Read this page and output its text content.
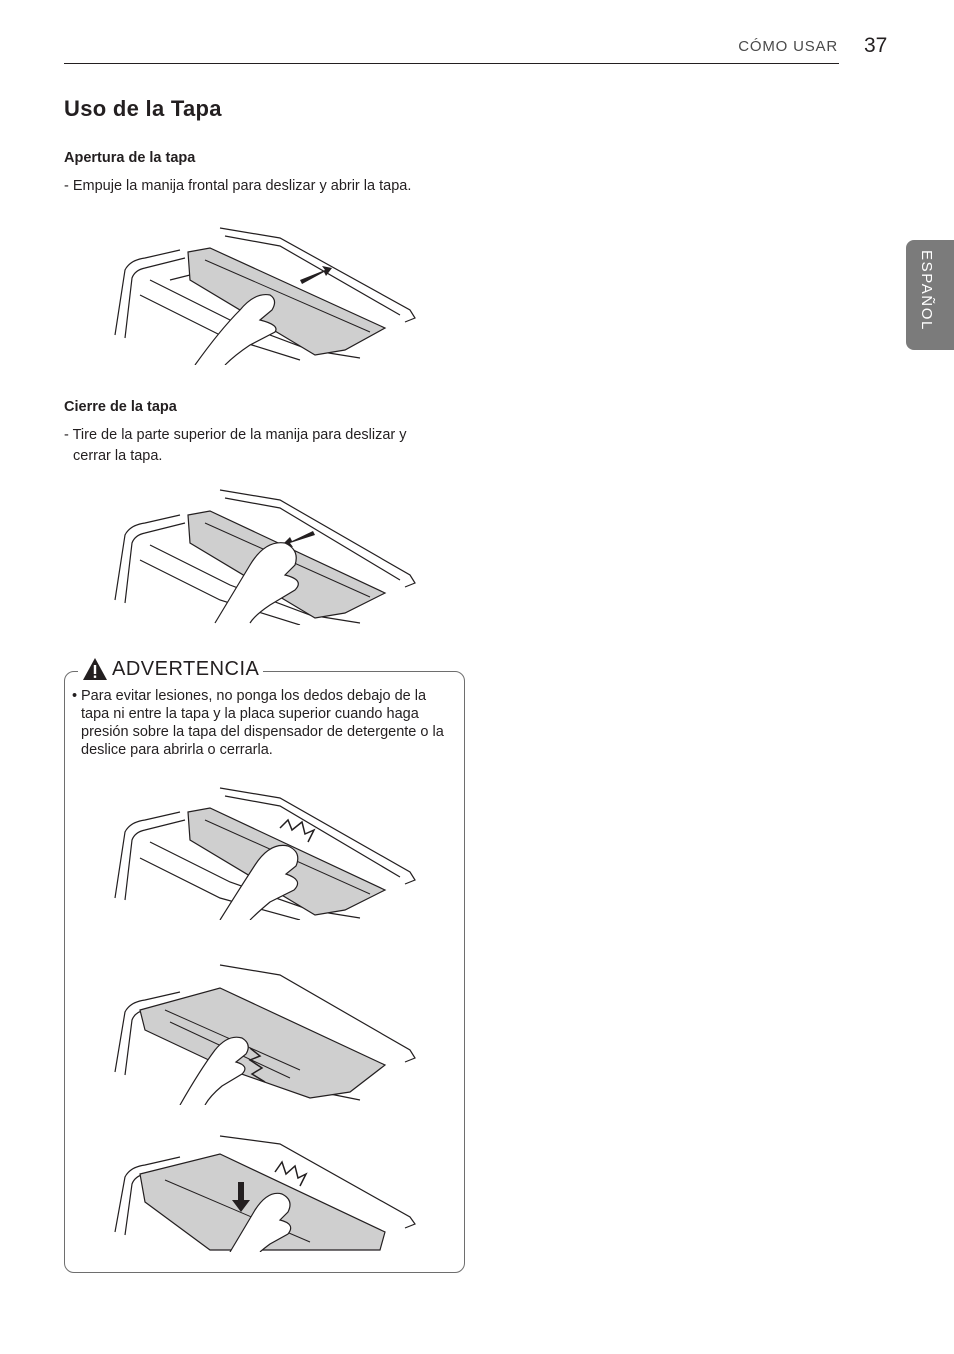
CÓMO USAR 37
ESPAÑOL
Uso de la Tapa
Apertura de la tapa
- Empuje la manija frontal para deslizar y abrir la tapa.
Cierre de la tapa
- Tire de la parte superior de la manija para deslizar y
cerrar la tapa.
ADVERTENCIA
• Para evitar lesiones, no ponga los dedos debajo de la tapa ni entre la tapa y la placa superior cuando haga presión sobre la tapa del dispensador de detergente o la deslice para abrirla o cerrarla.
